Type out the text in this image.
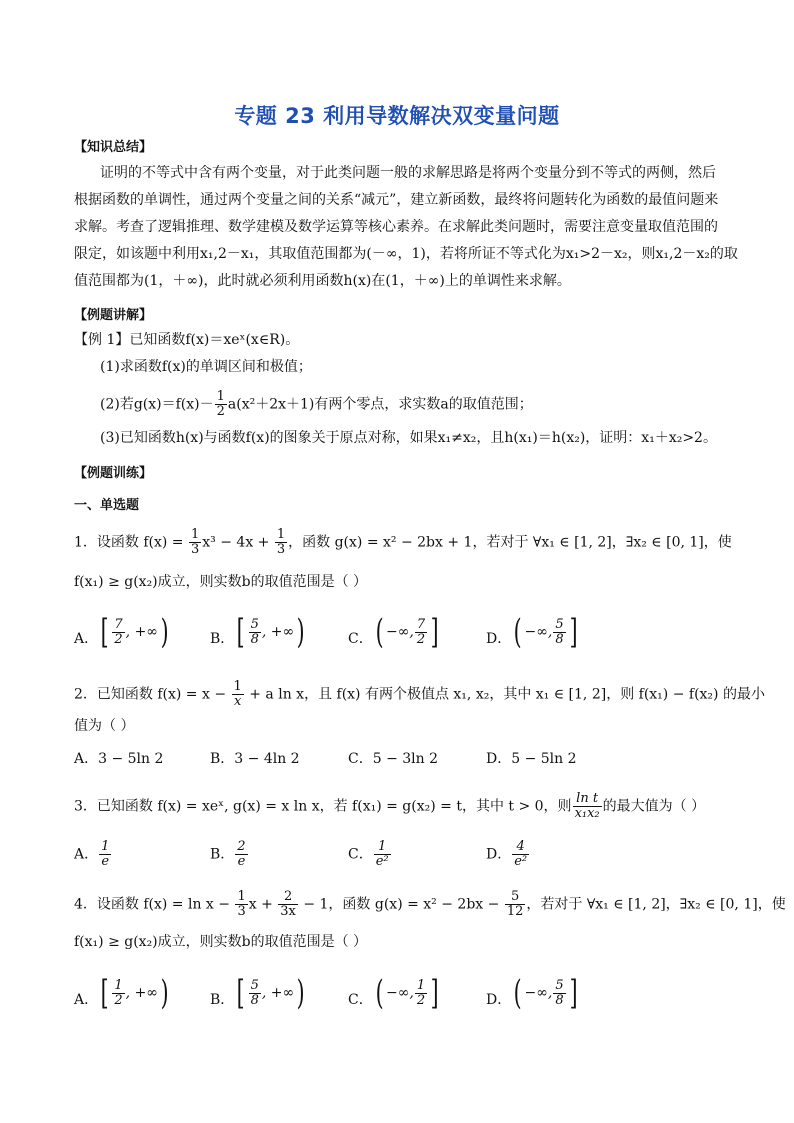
专题 23 利用导数解决双变量问题
【知识总结】
证明的不等式中含有两个变量，对于此类问题一般的求解思路是将两个变量分到不等式的两侧，然后
根据函数的单调性，通过两个变量之间的关系“减元”，建立新函数，最终将问题转化为函数的最值问题来
求解。考查了逻辑推理、数学建模及数学运算等核心素养。在求解此类问题时，需要注意变量取值范围的
限定，如该题中利用x₁,2－x₁，其取值范围都为(－∞，1)，若将所证不等式化为x₁>2－x₂，则x₁,2－x₂的取
值范围都为(1，＋∞)，此时就必须利用函数h(x)在(1，＋∞)上的单调性来求解。
【例题讲解】
【例 1】已知函数f(x)＝xeˣ(x∈R)。
(1)求函数f(x)的单调区间和极值；
(2)若$g(x)=f(x)- \frac{1}{2} a(x^2+2x+1)$有两个零点，求实数a的取值范围；
(3)已知函数h(x)与函数f(x)的图象关于原点对称，如果x₁≠x₂，且h(x₁)＝h(x₂)，证明：x₁＋x₂>2。
【例题训练】
一、单选题
1．设函数 $f(x) = \frac{1}{3} x^3 - 4x + \frac{1}{3}$ ，函数 g(x) = x² − 2bx + 1，若对于 ∀x₁ ∈ [1, 2]，∃x₂ ∈ [0, 1]，使
f(x₁) ≥ g(x₂)成立，则实数b的取值范围是（ ）
A． [ $\frac{7}{2}$ , +∞ )	B． [ $\frac{5}{8}$ , +∞ )	C． ( −∞, $\frac{7}{2}$ ]	D． ( −∞, $\frac{5}{8}$ ]
2．已知函数 $f(x) = x - \frac{1}{x} + a$ ln x，且 f(x) 有两个极值点 x₁, x₂，其中 x₁ ∈ [1, 2]，则 f(x₁) − f(x₂) 的最小
值为（ ）
A．3 − 5ln 2	B．3 − 4ln 2	C．5 − 3ln 2	D．5 − 5ln 2
3．已知函数 f(x) = xeˣ, g(x) = x ln x，若 f(x₁) = g(x₂) = t，其中 t > 0，则 $\frac{\text{ln t}}{\text{x₁x₂}}$ 的最大值为（ ）
A． $\frac{1}{e}$	B． $\frac{2}{e}$	C． $\frac{1}{\text{e²}}$	D． $\frac{4}{\text{e²}}$
4．设函数 $f(x) = \ln x - \frac{1}{3}$ $x + \frac{2}{3x} - 1$，函数 $g(x) = x^2 - 2bx - \frac{5}{12}$ ，若对于 ∀x₁ ∈ [1, 2]，∃x₂ ∈ [0, 1]，使
f(x₁) ≥ g(x₂)成立，则实数b的取值范围是（ ）
A． [ $\frac{1}{2}$ , +∞ )	B． [ $\frac{5}{8}$ , +∞ )	C． ( −∞, $\frac{1}{2}$ ]	D． ( −∞, $\frac{5}{8}$ ]
